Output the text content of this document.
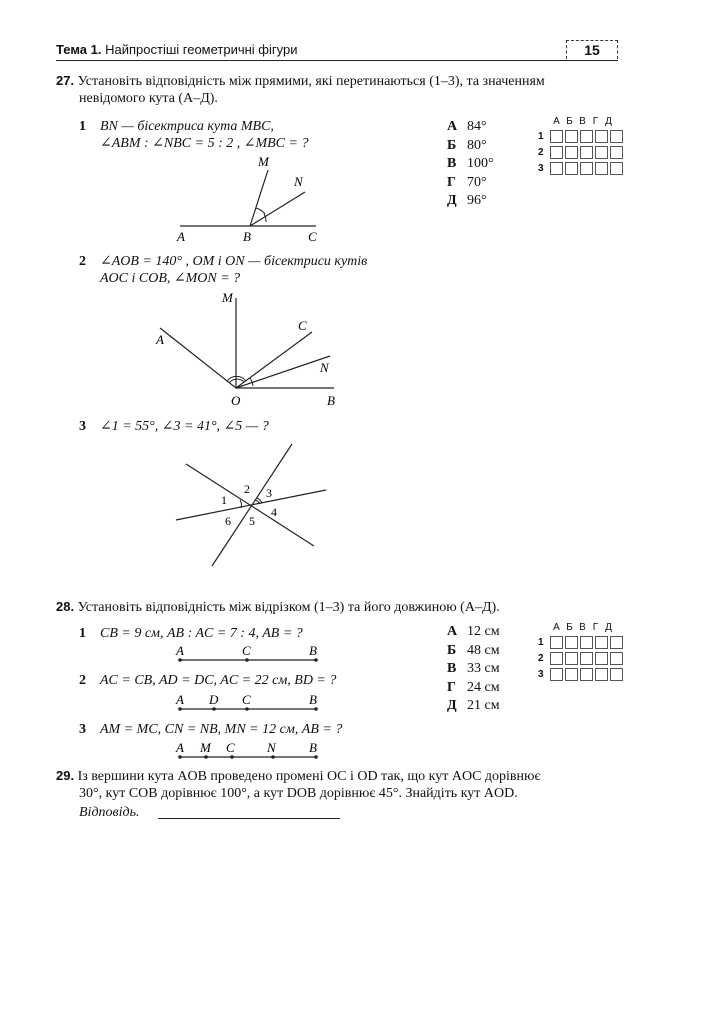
Тема 1. Найпростіші геометричні фігури	15
27. Установіть відповідність між прямими, які перетинаються (1–3), та значенням
невідомого кута (А–Д).
1 BN — бісектриса кута MBC,
∠ABM : ∠NBC = 5 : 2 , ∠MBC = ?
А 84°
Б 80°
В 100°
Г 70°
Д 96°
А Б В Г Д
1
2
3
M
N
A	B	C
2 ∠AOB = 140° , OM і ON — бісектриси кутів
AOC і COB, ∠MON = ?
M
C
A
N
O	B
3 ∠1 = 55°, ∠3 = 41°, ∠5 — ?
1
2 3
4
5
6
28. Установіть відповідність між відрізком (1–3) та його довжиною (А–Д).
1 CB = 9 см, AB : AC = 7 : 4, AB = ?	А 12 см
Б 48 см
В 33 см
Г 24 см
Д 21 см
А Б В Г Д
1
2
3
A	C	B
2 AC = CB, AD = DC, AC = 22 см, BD = ?
A D C	B
3 AM = MC, CN = NB, MN = 12 см, AB = ?
A M C N	B
29. Із вершини кута AOB проведено промені OC і OD так, що кут AOC дорівнює
30°, кут COB дорівнює 100°, а кут DOB дорівнює 45°. Знайдіть кут AOD.
Відповідь.
